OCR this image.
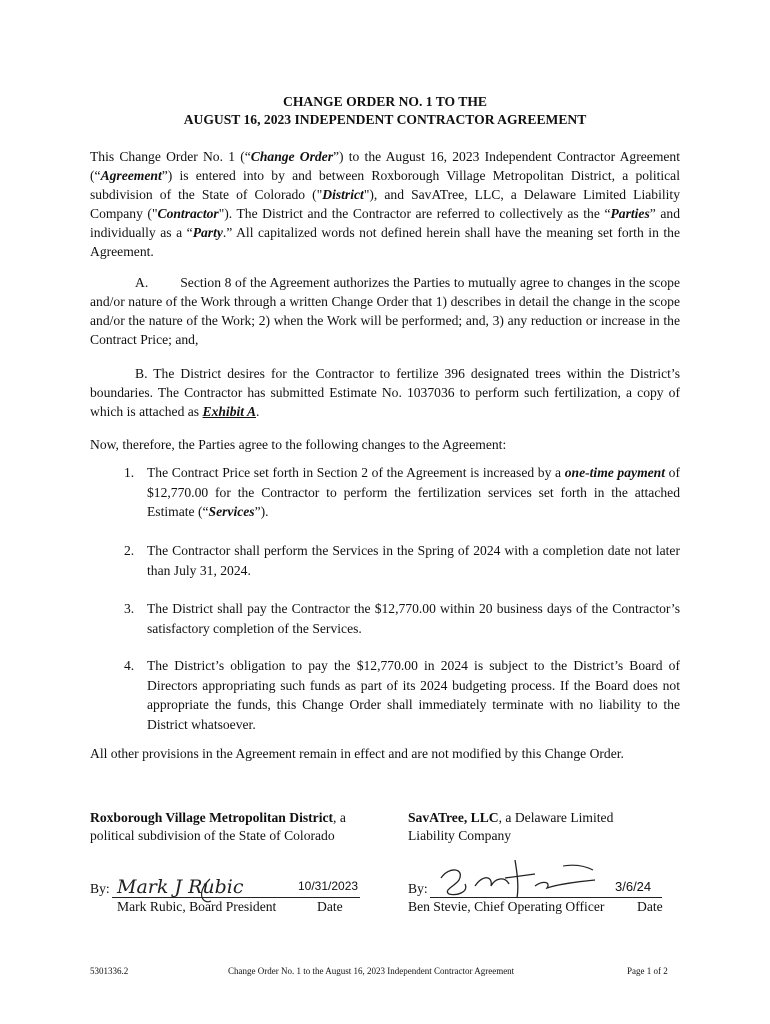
CHANGE ORDER NO. 1 TO THE
AUGUST 16, 2023 INDEPENDENT CONTRACTOR AGREEMENT
This Change Order No. 1 (“Change Order”) to the August 16, 2023 Independent Contractor Agreement (“Agreement”) is entered into by and between Roxborough Village Metropolitan District, a political subdivision of the State of Colorado ("District"), and SavATree, LLC, a Delaware Limited Liability Company ("Contractor"). The District and the Contractor are referred to collectively as the “Parties” and individually as a “Party.” All capitalized words not defined herein shall have the meaning set forth in the Agreement.
A. Section 8 of the Agreement authorizes the Parties to mutually agree to changes in the scope and/or nature of the Work through a written Change Order that 1) describes in detail the change in the scope and/or the nature of the Work; 2) when the Work will be performed; and, 3) any reduction or increase in the Contract Price; and,
B. The District desires for the Contractor to fertilize 396 designated trees within the District’s boundaries. The Contractor has submitted Estimate No. 1037036 to perform such fertilization, a copy of which is attached as Exhibit A.
Now, therefore, the Parties agree to the following changes to the Agreement:
1. The Contract Price set forth in Section 2 of the Agreement is increased by a one-time payment of $12,770.00 for the Contractor to perform the fertilization services set forth in the attached Estimate (“Services”).
2. The Contractor shall perform the Services in the Spring of 2024 with a completion date not later than July 31, 2024.
3. The District shall pay the Contractor the $12,770.00 within 20 business days of the Contractor’s satisfactory completion of the Services.
4. The District’s obligation to pay the $12,770.00 in 2024 is subject to the District’s Board of Directors appropriating such funds as part of its 2024 budgeting process. If the Board does not appropriate the funds, this Change Order shall immediately terminate with no liability to the District whatsoever.
All other provisions in the Agreement remain in effect and are not modified by this Change Order.
Roxborough Village Metropolitan District, a
political subdivision of the State of Colorado
By: Mark J Rubic	10/31/2023
Mark Rubic, Board President	Date
SavATree, LLC, a Delaware Limited
Liability Company
By:	3/6/24
Ben Stevie, Chief Operating Officer Date
5301336.2	Change Order No. 1 to the August 16, 2023 Independent Contractor Agreement	Page 1 of 2
